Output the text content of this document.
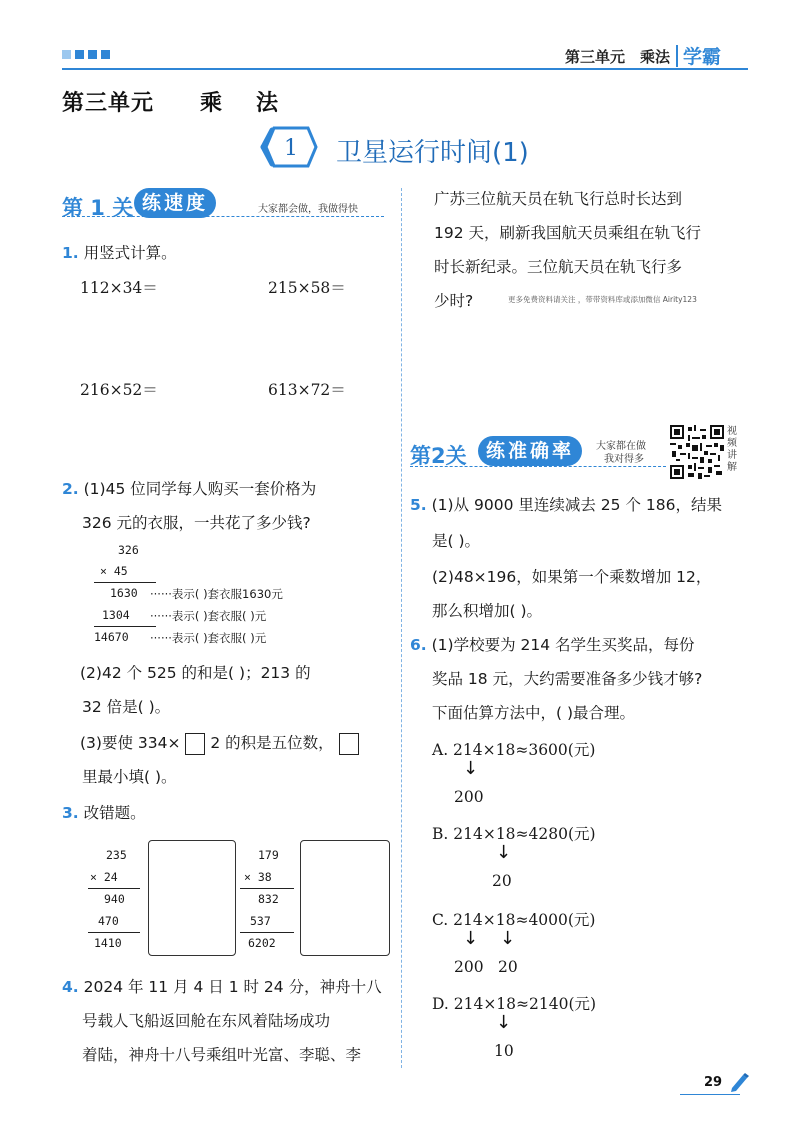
第三单元　乘法 学霸
第三单元 乘法
1 卫星运行时间(1)
第 1 关 练速度	大家都会做，我做得快
1. 用竖式计算。
112×34＝	215×58＝
216×52＝	613×72＝
2. (1)45 位同学每人购买一套价格为
326 元的衣服，一共花了多少钱?
326
× 45
1630 ······表示( )套衣服1630元
1304 ······表示( )套衣服( )元
14670 ······表示( )套衣服( )元
(2)42 个 525 的和是( )；213 的
32 倍是( )。
(3)要使 334× 2 的积是五位数，
里最小填( )。
3. 改错题。
235
× 24
940
470
1410
179
× 38
832
537
6202
4. 2024 年 11 月 4 日 1 时 24 分，神舟十八
号载人飞船返回舱在东风着陆场成功
着陆，神舟十八号乘组叶光富、李聪、李
广苏三位航天员在轨飞行总时长达到
192 天，刷新我国航天员乘组在轨飞行
时长新纪录。三位航天员在轨飞行多
少时?	更多免费资料请关注 ，带带资料库或添加微信 Airity123
第2关	练准确率	大家都在做
我对得多
视频讲解
5. (1)从 9000 里连续减去 25 个 186，结果
是( )。
(2)48×196，如果第一个乘数增加 12，
那么积增加( )。
6. (1)学校要为 214 名学生买奖品，每份
奖品 18 元，大约需要准备多少钱才够?
下面估算方法中，( )最合理。
A. 214×18≈3600(元)
↓
200
B. 214×18≈4280(元)
↓
20
C. 214×18≈4000(元)
↓ ↓
200 20
D. 214×18≈2140(元)
↓
10
29
